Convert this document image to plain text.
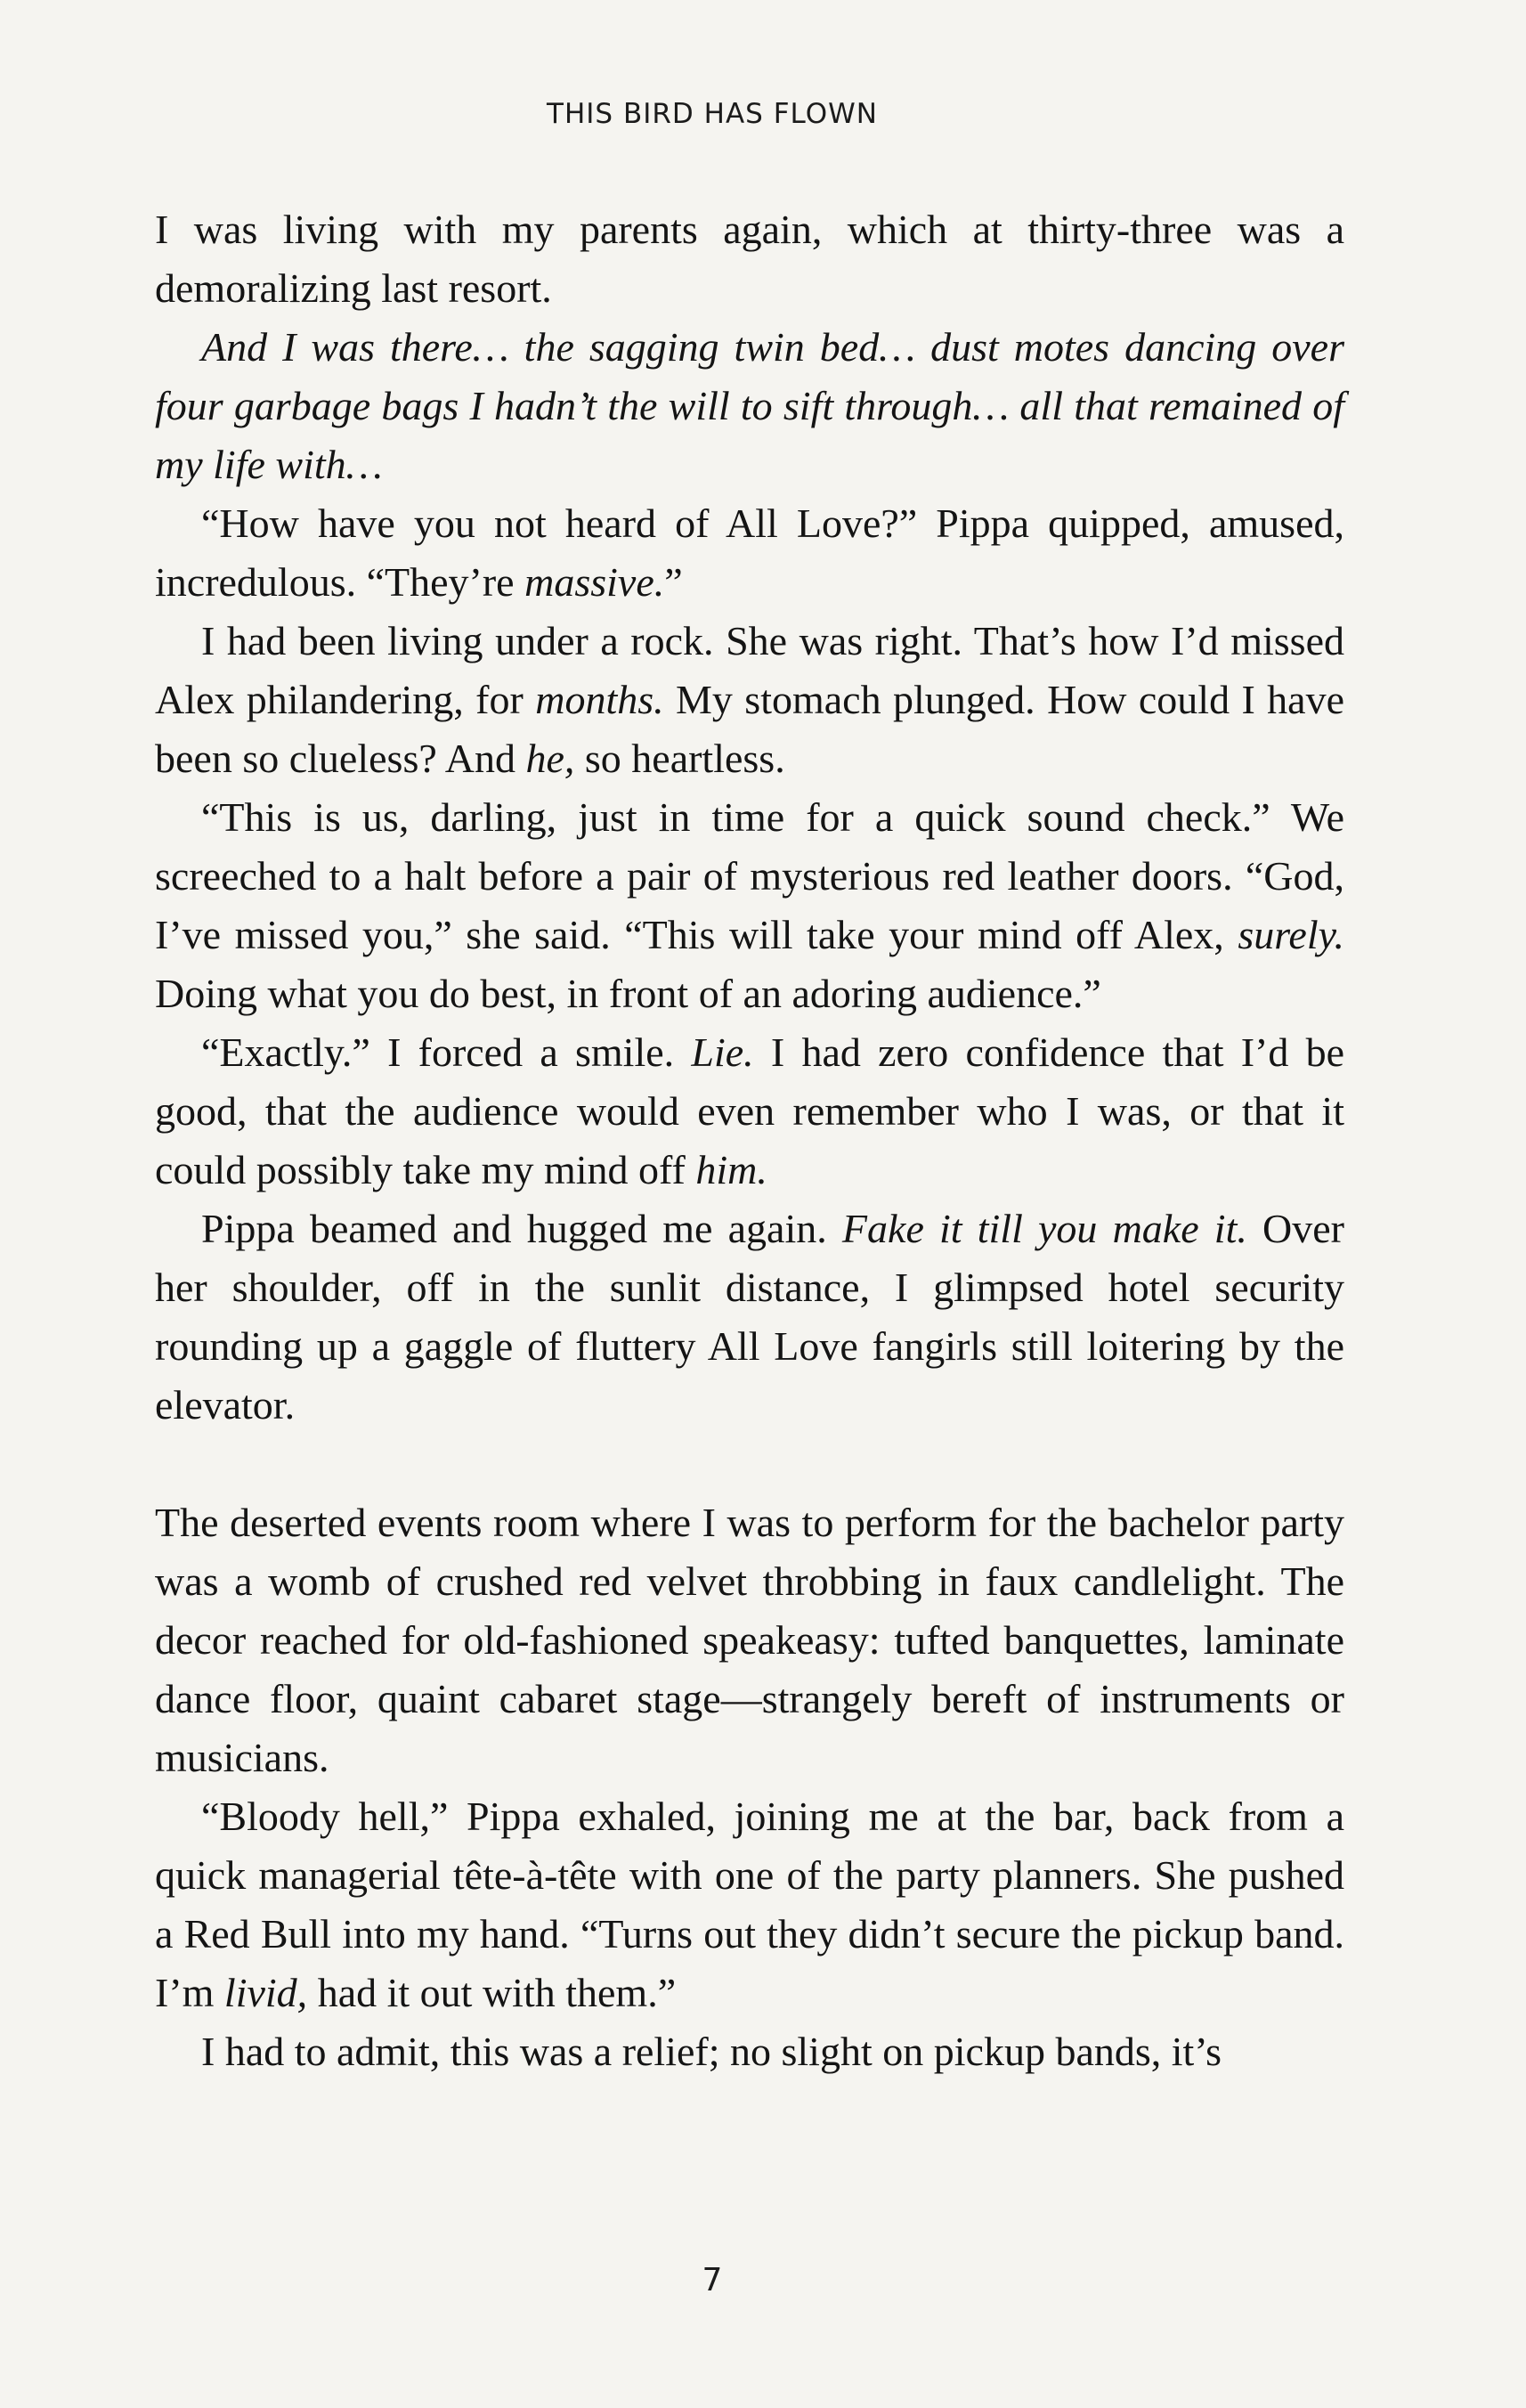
THIS BIRD HAS FLOWN

I was living with my parents again, which at thirty-three was a demoralizing last resort.

And I was there… the sagging twin bed… dust motes dancing over four garbage bags I hadn’t the will to sift through… all that remained of my life with…

“How have you not heard of All Love?” Pippa quipped, amused, incredulous. “They’re massive.”

I had been living under a rock. She was right. That’s how I’d missed Alex philandering, for months. My stomach plunged. How could I have been so clueless? And he, so heartless.

“This is us, darling, just in time for a quick sound check.” We screeched to a halt before a pair of mysterious red leather doors. “God, I’ve missed you,” she said. “This will take your mind off Alex, surely. Doing what you do best, in front of an adoring audience.”

“Exactly.” I forced a smile. Lie. I had zero confidence that I’d be good, that the audience would even remember who I was, or that it could possibly take my mind off him.

Pippa beamed and hugged me again. Fake it till you make it. Over her shoulder, off in the sunlit distance, I glimpsed hotel security rounding up a gaggle of fluttery All Love fangirls still loitering by the elevator.

The deserted events room where I was to perform for the bachelor party was a womb of crushed red velvet throbbing in faux candlelight. The decor reached for old-fashioned speakeasy: tufted banquettes, laminate dance floor, quaint cabaret stage—strangely bereft of instruments or musicians.

“Bloody hell,” Pippa exhaled, joining me at the bar, back from a quick managerial tête-à-tête with one of the party planners. She pushed a Red Bull into my hand. “Turns out they didn’t secure the pickup band. I’m livid, had it out with them.”

I had to admit, this was a relief; no slight on pickup bands, it’s

7
